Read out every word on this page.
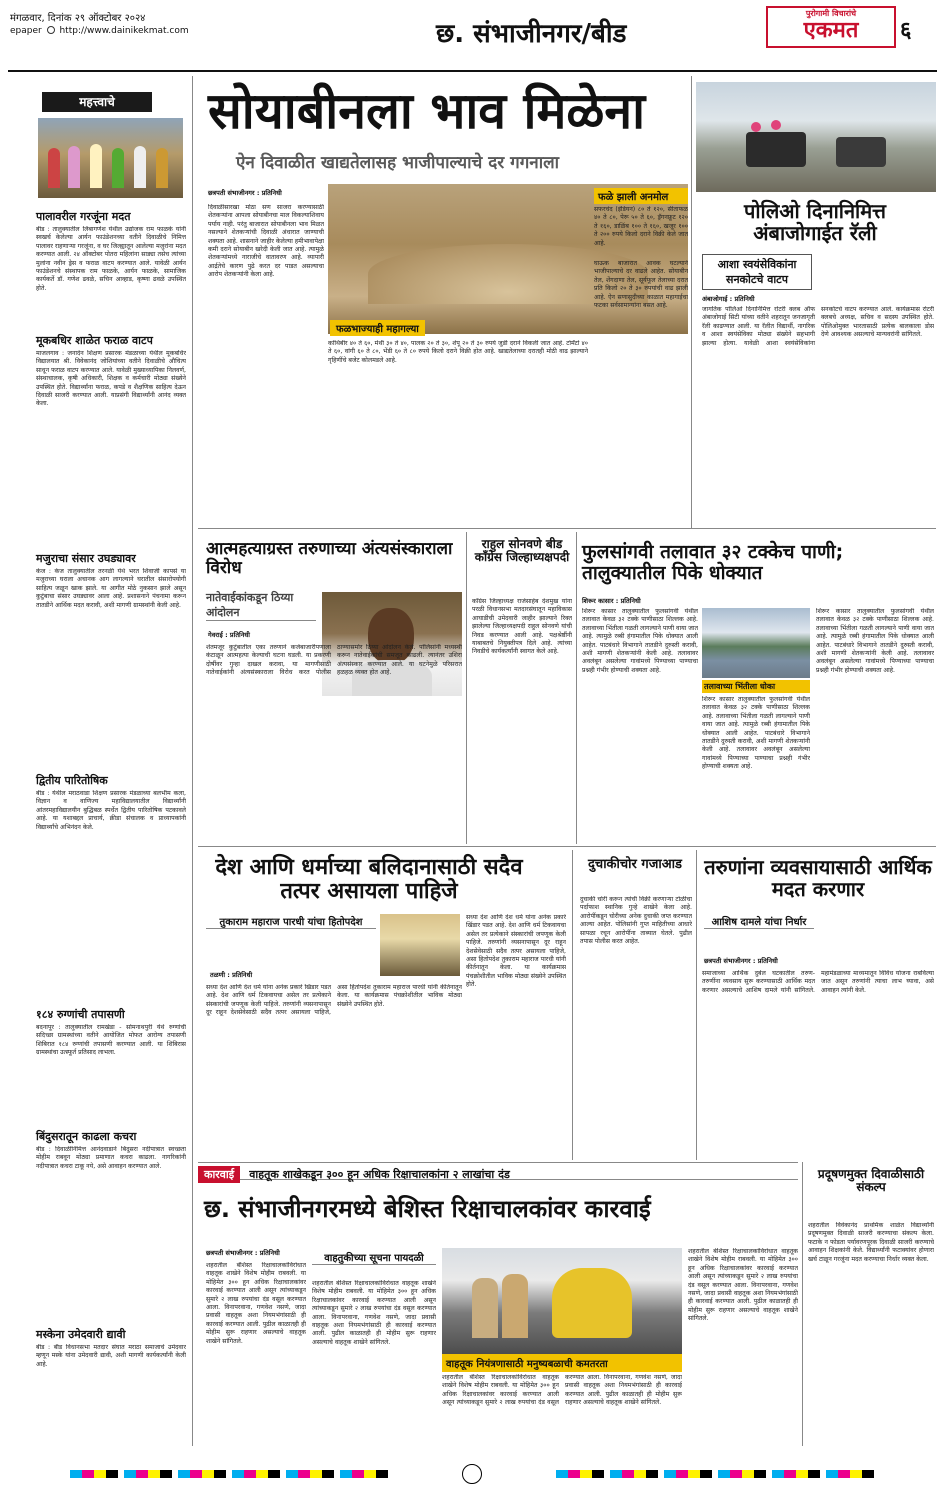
मंगळवार, दिनांक २९ ऑक्टोबर २०२४
epaper http://www.dainikekmat.com	छ. संभाजीनगर/बीड
पुरोगामी विचारांचे
एकमत	६
महत्त्वाचे
पालावरील गरजूंना मदत
बीड : तालुक्यातील लिंबागणेश येथील उद्योजक राम फाळके यांनी स्वखर्च केलेल्या आर्यन फाउंडेशनच्या वतीने दिवाळीचे निमित्त पालावर राहणाऱ्या गरजूंना, व घर जिल्ह्यातून आलेल्या मजुरांना मदत करण्यात आली. २४ ऑक्टोबर पोतरा महिलांना साड्या तसेच त्यांच्या मुलांना नवीन ड्रेस व फराळ वाटप करण्यात आले. यावेळी आर्यन फाउंडेशनचे संस्थापक राम फाळके, आर्यन फाळके, सामाजिक कार्यकर्ते डॉ. गणेश ढवळे, सचिन आव्हाड, कृष्णा ढवळे उपस्थित होते.
मूकबधिर शाळेत फराळ वाटप
माजलगाव : जनार्दन शिक्षण प्रसारक मंडळाच्या येथील मूकबधिर विद्यालयात श्री. विवेकानंद जोशियांच्या वतीने दिवाळीचे औचित्य साधून फराळ वाटप करण्यात आले. यावेळी मुख्याध्यापिका निलवर्ण, संस्थाचालक, कृषी अधिकारी, शिक्षक व कर्मचारी मोठ्या संख्येने उपस्थित होते. विद्यार्थ्यांना फराळ, कपडे व शैक्षणिक साहित्य देऊन दिवाळी साजरी करण्यात आली. याप्रसंगी विद्यार्थ्यांनी आनंद व्यक्त केला.
मजुराचा संसार उघड्यावर
केज : केज तालुक्यातील तरनळी येथे भरत शिवाजी कापसे या मजुराच्या घराला अचानक आग लागल्याने घरातील संसारोपयोगी साहित्य जळून खाक झाले. या आगीत मोठे नुकसान झाले असून कुटुंबाचा संसार उघड्यावर आला आहे. प्रशासनाने पंचनामा करून तातडीने आर्थिक मदत करावी, अशी मागणी ग्रामस्थांनी केली आहे.
द्वितीय पारितोषिक
बीड : येथील मराठवाडा शिक्षण प्रसारक मंडळाच्या बलभीम कला, विज्ञान व वाणिज्य महाविद्यालयातील विद्यार्थ्यांनी आंतरमहाविद्यालयीन बुद्धिबळ स्पर्धेत द्वितीय पारितोषिक पटकावले आहे. या यशाबद्दल प्राचार्य, क्रीडा संचालक व प्राध्यापकांनी विद्यार्थ्यांचे अभिनंदन केले.
१८४ रुग्णांची तपासणी
बदनापूर : तालुक्यातील रामखेडा - सोमनाथपुरी येथे रुग्णांची सदिच्छा ग्रामस्थांच्या वतीने आयोजित मोफत आरोग्य तपासणी शिबिरात १८४ रुग्णांची तपासणी करण्यात आली. या शिबिरास ग्रामस्थांचा उत्स्फूर्त प्रतिसाद लाभला.
बिंदुसरातून काढला कचरा
बीड : दिवाळीनिमित्त आनंदवाडाने बिंदुसरा नदीपात्रात स्वच्छता मोहीम राबवून मोठ्या प्रमाणात कचरा काढला. नागरिकांनी नदीपात्रात कचरा टाकू नये, असे आवाहन करण्यात आले.
मस्केना उमेदवारी द्यावी
बीड : बीड विधानसभा मतदार संघात मराठा समाजाचे उमेदवार म्हणून मस्के यांना उमेदवारी द्यावी, अशी मागणी कार्यकर्त्यांनी केली आहे.
सोयाबीनला भाव मिळेना
ऐन दिवाळीत खाद्यतेलासह भाजीपाल्याचे दर गगनाला
छत्रपती संभाजीनगर : प्रतिनिधी
फळभाज्याही महागल्या
फळे झाली अनमोल
सफरचंद (इंडियन) ८० ते १२०, सीताफळ ४० ते ८०, पेरू ५० ते ६०, ड्रॅगनफ्रूट १२० ते १६०, डाळिंब १०० ते १६०, खजूर १०० ते २०० रुपये किलो दराने विक्री केले जात आहे.
दिवाळीसारखा मोठा सण साजरा करण्यासाठी शेतकऱ्यांना आपला सोयाबीनचा माल विकल्याशिवाय पर्याय नाही. परंतु बाजारात सोयाबीनला भाव मिळत नसल्याने शेतकऱ्यांची दिवाळी अंधारात जाण्याची शक्यता आहे. शासनाने जाहीर केलेल्या हमीभावापेक्षा कमी दराने सोयाबीन खरेदी केली जात आहे. त्यामुळे शेतकऱ्यांमध्ये नाराजीचे वातावरण आहे. व्यापारी आर्द्रतेचे कारण पुढे करत दर पाडत असल्याचा आरोप शेतकऱ्यांनी केला आहे.
कोथिंबीर ४० ते ६०, मेथी ३० ते ४०, पालक २० ते ३०, शेपू २० ते ३० रुपये जुडी दराने विकली जात आहे. टोमॅटो ४० ते ६०, वांगी ६० ते ८०, भेंडी ६० ते ८० रुपये किलो दराने विक्री होत आहे. खाद्यतेलाच्या दरातही मोठी वाढ झाल्याने गृहिणींचे बजेट कोलमडले आहे.
घाऊक बाजारात आवक घटल्याने भाजीपाल्याचे दर वाढले आहेत. सोयाबीन तेल, शेंगदाणा तेल, सूर्यफूल तेलाच्या दरात प्रति किलो २० ते ३० रुपयांची वाढ झाली आहे. ऐन सणासुदीच्या काळात महागाईचा फटका सर्वसामान्यांना बसत आहे.
पोलिओ दिनानिमित्त अंबाजोगाईत रॅली
आशा स्वयंसेविकांना सनकोटचे वाटप
अंबाजोगाई : प्रतिनिधी
जागतिक पोलिओ दिनानिमित्त रोटरी क्लब ऑफ अंबाजोगाई सिटी यांच्या वतीने शहरातून जनजागृती रॅली काढण्यात आली. या रॅलीत विद्यार्थी, नागरिक व आशा स्वयंसेविका मोठ्या संख्येने सहभागी झाल्या होत्या. यावेळी आशा स्वयंसेविकांना सनकोटचे वाटप करण्यात आले. कार्यक्रमास रोटरी क्लबचे अध्यक्ष, सचिव व सदस्य उपस्थित होते. पोलिओमुक्त भारतासाठी प्रत्येक बालकाला डोस देणे आवश्यक असल्याचे मान्यवरांनी सांगितले.
आत्महत्याग्रस्त तरुणाच्या अंत्यसंस्काराला विरोध
नातेवाईकांकडून ठिय्या आंदोलन
गेवराई : प्रतिनिधी
शेतमजूर कुटुंबातील एका तरुणाने कर्जबाजारीपणाला कंटाळून आत्महत्या केल्याची घटना घडली. या प्रकरणी दोषींवर गुन्हा दाखल करावा, या मागणीसाठी नातेवाईकांनी अंत्यसंस्काराला विरोध करत पोलीस ठाण्यासमोर ठिय्या आंदोलन केले. पोलिसांनी मध्यस्थी करून नातेवाईकांची समजूत काढली. त्यानंतर उशिरा अंत्यसंस्कार करण्यात आले. या घटनेमुळे परिसरात हळहळ व्यक्त होत आहे.
राहुल सोनवणे बीड कॉंग्रेस जिल्हाध्यक्षपदी
काँग्रेस जिल्हाध्यक्ष राजेसाहेब देशमुख यांना परळी विधानसभा मतदारसंघातून महाविकास आघाडीची उमेदवारी जाहीर झाल्याने रिक्त झालेल्या जिल्हाध्यक्षपदी राहुल सोनवणे यांची निवड करण्यात आली आहे. पक्षश्रेष्ठींनी याबाबतचे नियुक्तीपत्र दिले आहे. त्यांच्या निवडीचे कार्यकर्त्यांनी स्वागत केले आहे.
फुलसांगवी तलावात ३२ टक्केच पाणी; तालुक्यातील पिके धोक्यात
शिरूर कासार : प्रतिनिधी
शिरूर कासार तालुक्यातील फुलसांगवी येथील तलावात केवळ ३२ टक्के पाणीसाठा शिल्लक आहे. तलावाच्या भिंतीला गळती लागल्याने पाणी वाया जात आहे. त्यामुळे रब्बी हंगामातील पिके धोक्यात आली आहेत. पाटबंधारे विभागाने तातडीने दुरुस्ती करावी, अशी मागणी शेतकऱ्यांनी केली आहे. तलावावर अवलंबून असलेल्या गावांमध्ये पिण्याच्या पाण्याचा प्रश्नही गंभीर होण्याची शक्यता आहे.
तलावाच्या भिंतीला धोका
शिरूर कासार तालुक्यातील फुलसांगवी येथील तलावात केवळ ३२ टक्के पाणीसाठा शिल्लक आहे. तलावाच्या भिंतीला गळती लागल्याने पाणी वाया जात आहे. त्यामुळे रब्बी हंगामातील पिके धोक्यात आली आहेत. पाटबंधारे विभागाने तातडीने दुरुस्ती करावी, अशी मागणी शेतकऱ्यांनी केली आहे. तलावावर अवलंबून असलेल्या गावांमध्ये पिण्याच्या पाण्याचा प्रश्नही गंभीर होण्याची शक्यता आहे.
शिरूर कासार तालुक्यातील फुलसांगवी येथील तलावात केवळ ३२ टक्के पाणीसाठा शिल्लक आहे. तलावाच्या भिंतीला गळती लागल्याने पाणी वाया जात आहे. त्यामुळे रब्बी हंगामातील पिके धोक्यात आली आहेत. पाटबंधारे विभागाने तातडीने दुरुस्ती करावी, अशी मागणी शेतकऱ्यांनी केली आहे. तलावावर अवलंबून असलेल्या गावांमध्ये पिण्याच्या पाण्याचा प्रश्नही गंभीर होण्याची शक्यता आहे.
देश आणि धर्माच्या बलिदानासाठी सदैव तत्पर असायला पाहिजे
तुकाराम महाराज पारधी यांचा हितोपदेश
तळणी : प्रतिनिधी
सध्या देश आणि देश धर्म यांना अनेक प्रकारे खिंडार पडत आहे. देश आणि धर्म टिकवायचा असेल तर प्रत्येकाने संस्कारांची जपणूक केली पाहिजे. तरुणांनी व्यसनापासून दूर राहून देशसेवेसाठी सदैव तत्पर असायला पाहिजे, असा हितोपदेश तुकाराम महाराज पारधी यांनी कीर्तनातून केला. या कार्यक्रमास पंचक्रोशीतील भाविक मोठ्या संख्येने उपस्थित होते.
सध्या देश आणि देश धर्म यांना अनेक प्रकारे खिंडार पडत आहे. देश आणि धर्म टिकवायचा असेल तर प्रत्येकाने संस्कारांची जपणूक केली पाहिजे. तरुणांनी व्यसनापासून दूर राहून देशसेवेसाठी सदैव तत्पर असायला पाहिजे, असा हितोपदेश तुकाराम महाराज पारधी यांनी कीर्तनातून केला. या कार्यक्रमास पंचक्रोशीतील भाविक मोठ्या संख्येने उपस्थित होते.
दुचाकीचोर गजाआड
दुचाकी चोरी करून त्यांची विक्री करणाऱ्या टोळीचा पर्दाफाश स्थानिक गुन्हे शाखेने केला आहे. आरोपींकडून चोरीच्या अनेक दुचाकी जप्त करण्यात आल्या आहेत. पोलिसांनी गुप्त माहितीच्या आधारे सापळा रचून आरोपींना ताब्यात घेतले. पुढील तपास पोलीस करत आहेत.
तरुणांना व्यवसायासाठी आर्थिक मदत करणार
आशिष दामले यांचा निर्धार
छत्रपती संभाजीनगर : प्रतिनिधी
समाजाच्या आर्थिक दुर्बल घटकातील तरुण-तरुणींना व्यवसाय सुरू करण्यासाठी आर्थिक मदत करणार असल्याचे आशिष दामले यांनी सांगितले. महामंडळाच्या माध्यमातून विविध योजना राबविल्या जात असून तरुणांनी त्याचा लाभ घ्यावा, असे आवाहन त्यांनी केले.
कारवाई वाहतूक शाखेकडून ३०० हून अधिक रिक्षाचालकांना २ लाखांचा दंड
छ. संभाजीनगरमध्ये बेशिस्त रिक्षाचालकांवर कारवाई
छत्रपती संभाजीनगर : प्रतिनिधी
शहरातील बेशिस्त रिक्षाचालकांविरोधात वाहतूक शाखेने विशेष मोहीम राबवली. या मोहिमेत ३०० हून अधिक रिक्षाचालकांवर कारवाई करण्यात आली असून त्यांच्याकडून सुमारे २ लाख रुपयांचा दंड वसूल करण्यात आला. विनापरवाना, गणवेश नसणे, जादा प्रवासी वाहतूक अशा नियमभंगांसाठी ही कारवाई करण्यात आली. पुढील काळातही ही मोहीम सुरू राहणार असल्याचे वाहतूक शाखेने सांगितले.
वाहतुकीच्या सूचना पायदळी
शहरातील बेशिस्त रिक्षाचालकांविरोधात वाहतूक शाखेने विशेष मोहीम राबवली. या मोहिमेत ३०० हून अधिक रिक्षाचालकांवर कारवाई करण्यात आली असून त्यांच्याकडून सुमारे २ लाख रुपयांचा दंड वसूल करण्यात आला. विनापरवाना, गणवेश नसणे, जादा प्रवासी वाहतूक अशा नियमभंगांसाठी ही कारवाई करण्यात आली. पुढील काळातही ही मोहीम सुरू राहणार असल्याचे वाहतूक शाखेने सांगितले.
वाहतूक नियंत्रणासाठी मनुष्यबळाची कमतरता
शहरातील बेशिस्त रिक्षाचालकांविरोधात वाहतूक शाखेने विशेष मोहीम राबवली. या मोहिमेत ३०० हून अधिक रिक्षाचालकांवर कारवाई करण्यात आली असून त्यांच्याकडून सुमारे २ लाख रुपयांचा दंड वसूल करण्यात आला. विनापरवाना, गणवेश नसणे, जादा प्रवासी वाहतूक अशा नियमभंगांसाठी ही कारवाई करण्यात आली. पुढील काळातही ही मोहीम सुरू राहणार असल्याचे वाहतूक शाखेने सांगितले.
शहरातील बेशिस्त रिक्षाचालकांविरोधात वाहतूक शाखेने विशेष मोहीम राबवली. या मोहिमेत ३०० हून अधिक रिक्षाचालकांवर कारवाई करण्यात आली असून त्यांच्याकडून सुमारे २ लाख रुपयांचा दंड वसूल करण्यात आला. विनापरवाना, गणवेश नसणे, जादा प्रवासी वाहतूक अशा नियमभंगांसाठी ही कारवाई करण्यात आली. पुढील काळातही ही मोहीम सुरू राहणार असल्याचे वाहतूक शाखेने सांगितले.
प्रदूषणमुक्त दिवाळीसाठी संकल्प
शहरातील विवेकानंद प्राथमिक शाळेत विद्यार्थ्यांनी प्रदूषणमुक्त दिवाळी साजरी करण्याचा संकल्प केला. फटाके न फोडता पर्यावरणपूरक दिवाळी साजरी करण्याचे आवाहन शिक्षकांनी केले. विद्यार्थ्यांनी फटाक्यांवर होणारा खर्च टाळून गरजूंना मदत करण्याचा निर्धार व्यक्त केला.
